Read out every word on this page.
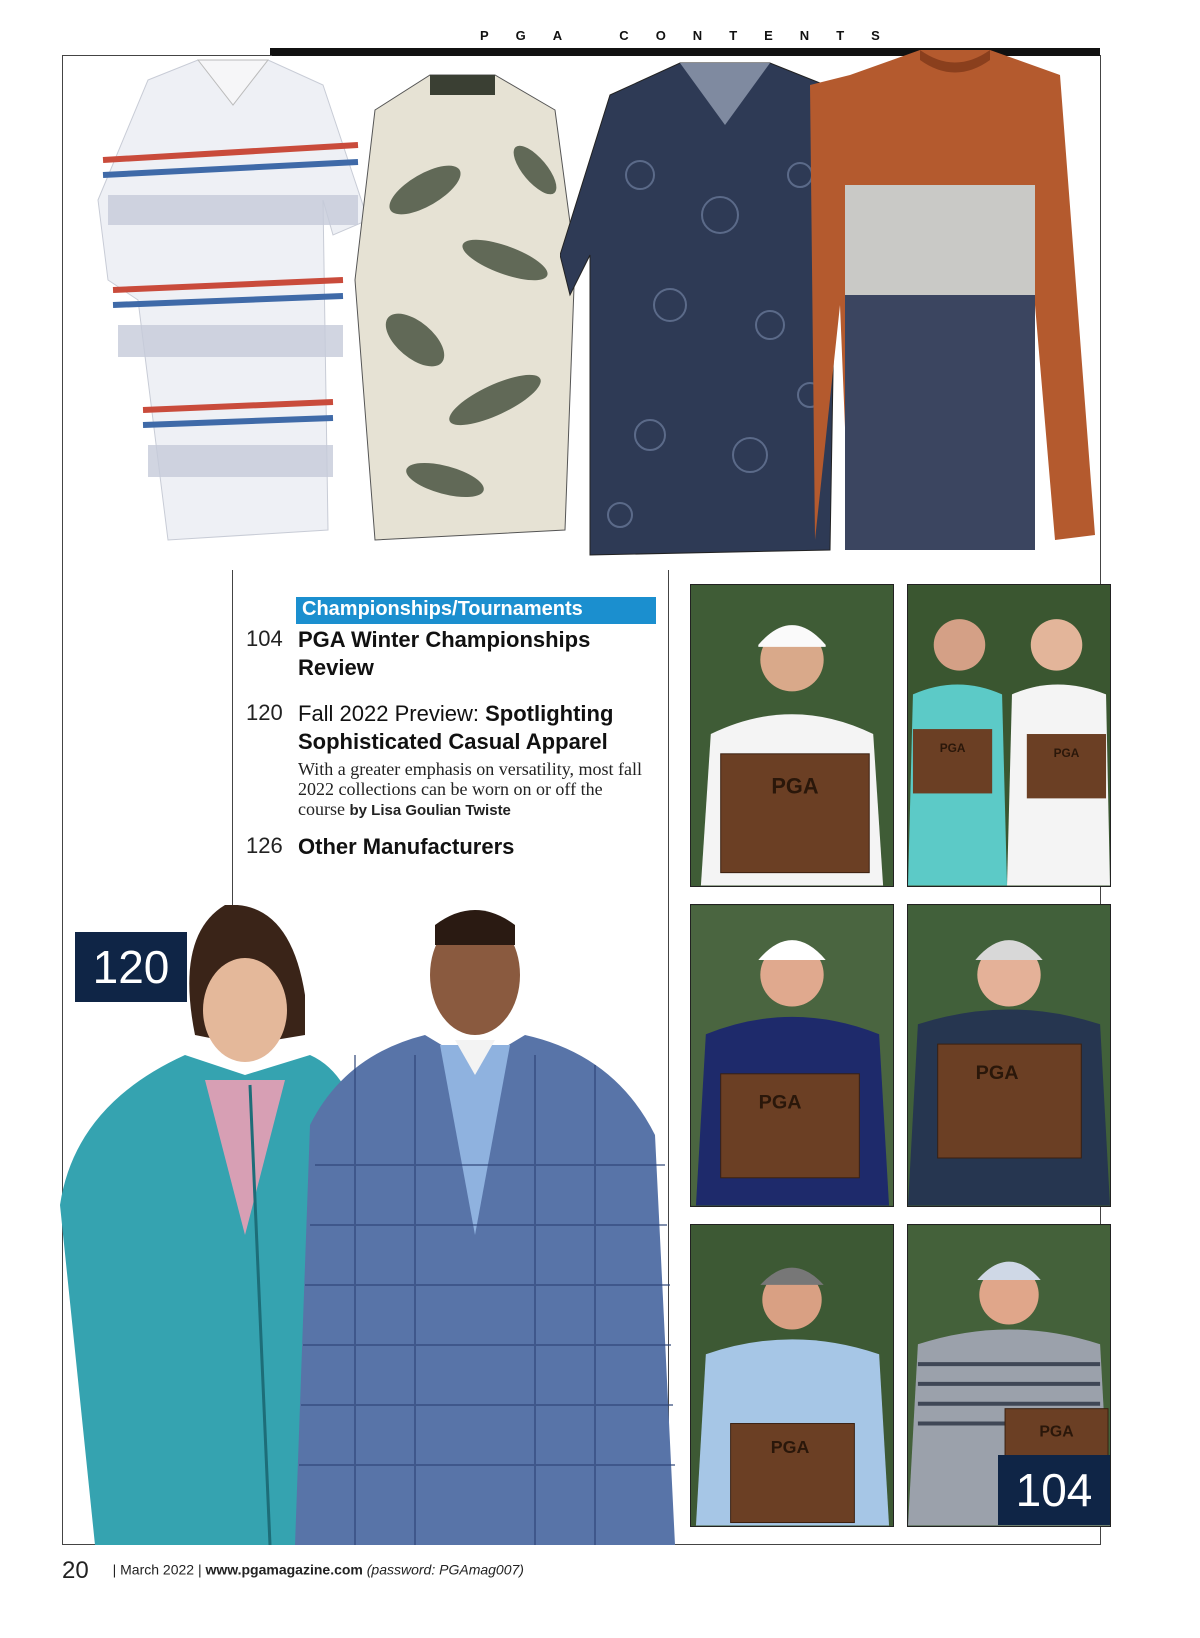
PGA CONTENTS
Championships/Tournaments
104 PGA Winter Championships Review
120 Fall 2022 Preview: Spotlighting Sophisticated Casual Apparel
With a greater emphasis on versatility, most fall 2022 collections can be worn on or off the course by Lisa Goulian Twiste
126 Other Manufacturers
PGA
PGA	PGA
PGA
PGA
PGA
PGA
120
104
20 | March 2022 | www.pgamagazine.com (password: PGAmag007)
